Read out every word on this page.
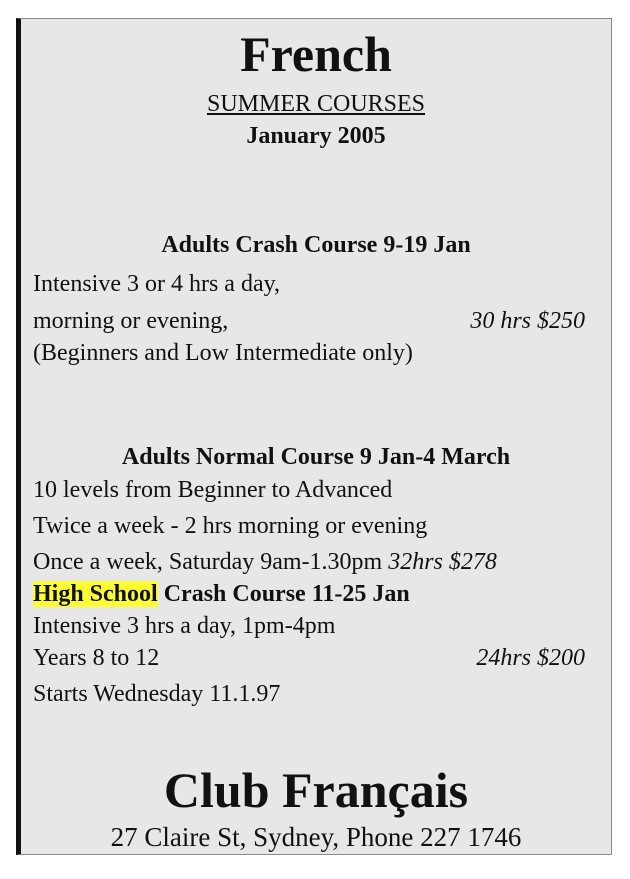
French
SUMMER COURSES
January 2005
Adults Crash Course 9-19 Jan
Intensive 3 or 4 hrs a day,
morning or evening,	30 hrs $250
(Beginners and Low Intermediate only)
Adults Normal Course 9 Jan-4 March
10 levels from Beginner to Advanced
Twice a week - 2 hrs morning or evening
Once a week, Saturday 9am-1.30pm 32hrs $278
High School Crash Course 11-25 Jan
Intensive 3 hrs a day, 1pm-4pm
Years 8 to 12	24hrs $200
Starts Wednesday 11.1.97
Club Français
27 Claire St, Sydney, Phone 227 1746
